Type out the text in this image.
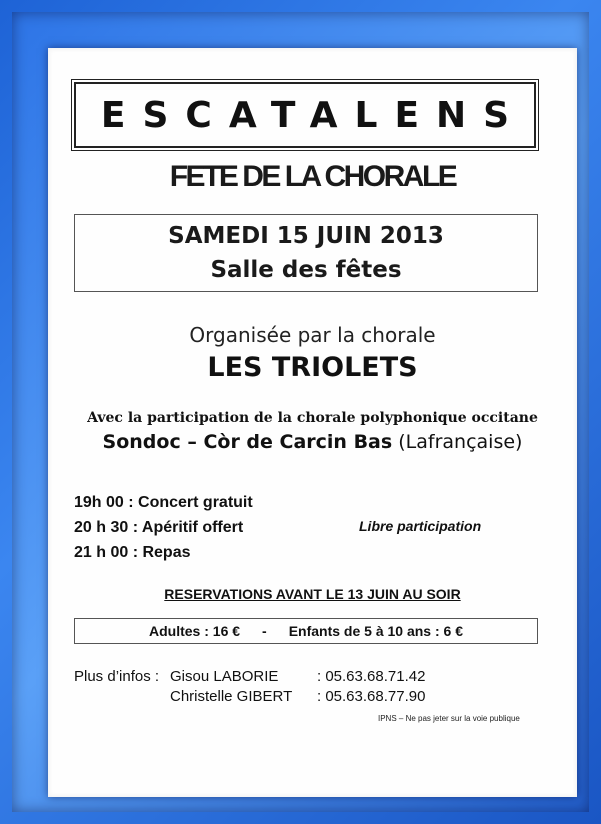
ESCATALENS
FETE DE LA CHORALE
SAMEDI 15 JUIN 2013
Salle des fêtes
Organisée par la chorale
LES TRIOLETS
Avec la participation de la chorale polyphonique occitane
Sondoc – Còr de Carcin Bas (Lafrançaise)
19h 00 : Concert gratuit
20 h 30 : Apéritif offert
21 h 00 : Repas
Libre participation
RESERVATIONS AVANT LE 13 JUIN AU SOIR
Adultes : 16 € - Enfants de 5 à 10 ans : 6 €
Plus d’infos : Gisou LABORIE	: 05.63.68.71.42
Christelle GIBERT : 05.63.68.77.90
IPNS – Ne pas jeter sur la voie publique
